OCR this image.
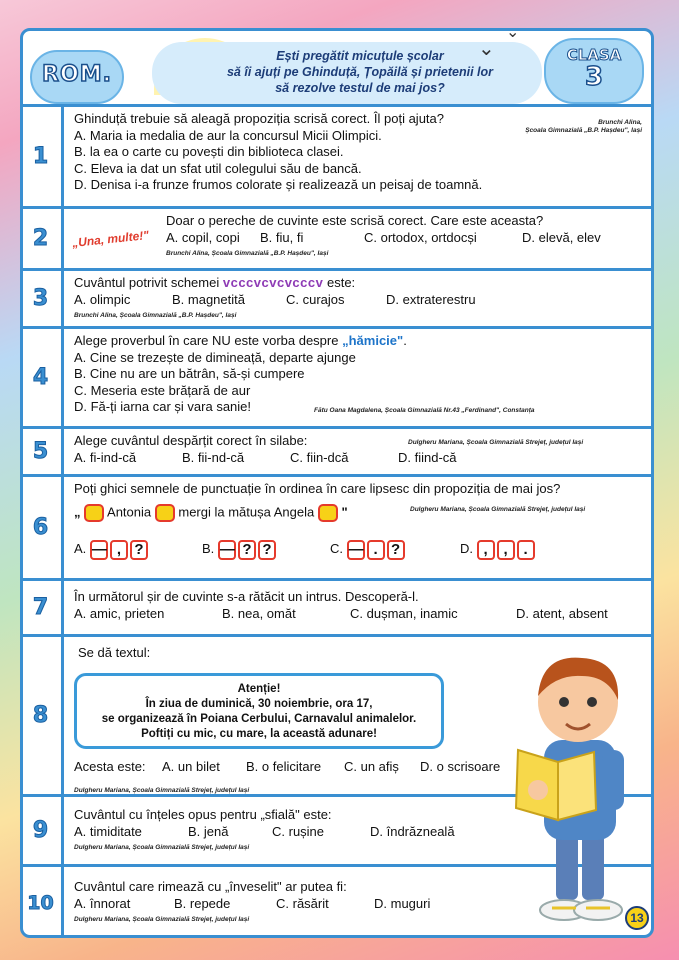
ROM.
Ești pregătit micuțule școlar
să îi ajuți pe Ghinduță, Țopăilă și prietenii lor
să rezolve testul de mai jos?
⌄
⌄
CLASA
3
1
Brunchi Alina,
Școala Gimnazială „B.P. Hașdeu", Iași
Ghinduță trebuie să aleagă propoziția scrisă corect. Îl poți ajuta?
A. Maria ia medalia de aur la concursul Micii Olimpici.
B. la ea o carte cu povești din biblioteca clasei.
C. Eleva ia dat un sfat util colegului său de bancă.
D. Denisa i-a frunze frumos colorate și realizează un peisaj de toamnă.
2	„Una, multe!"
Doar o pereche de cuvinte este scrisă corect. Care este aceasta?
A. copil, copi	B. fiu, fi	C. ortodox, ortdocși	D. elevă, elev
Brunchi Alina, Școala Gimnazială „B.P. Hașdeu", Iași
3
Cuvântul potrivit schemei vcccvcvcvcccv este:
A. olimpic	B. magnetită	C. curajos	D. extraterestru
Brunchi Alina, Școala Gimnazială „B.P. Hașdeu", Iași
4
Alege proverbul în care NU este vorba despre „hămicie".
A. Cine se trezește de dimineață, departe ajunge
B. Cine nu are un bătrân, să-și cumpere
C. Meseria este brățară de aur
D. Fă-ți iarna car și vara sanie!	Fătu Oana Magdalena, Școala Gimnazială Nr.43 „Ferdinand", Constanța
5	Alege cuvântul despărțit corect în silabe:	Dulgheru Mariana, Școala Gimnazială Strejeț, județul Iași
A. fi-ind-că	B. fii-nd-că	C. fiin-dcă	D. fiind-că
6
Poți ghici semnele de punctuație în ordinea în care lipsesc din propoziția de mai jos?
„ Antonia mergi la mătușa Angela "	Dulgheru Mariana, Școala Gimnazială Strejeț, județul Iași
A. — , ?	B. — ? ?	C. — . ?	D. , , .
7	În următorul șir de cuvinte s-a rătăcit un intrus. Descoperă-l.
A. amic, prieten	B. nea, omăt	C. dușman, inamic	D. atent, absent
8
Se dă textul:
Atenție!
În ziua de duminică, 30 noiembrie, ora 17,
se organizează în Poiana Cerbului, Carnavalul animalelor.
Poftiți cu mic, cu mare, la această adunare!
Acesta este:	A. un bilet	B. o felicitare	C. un afiș	D. o scrisoare
Dulgheru Mariana, Școala Gimnazială Strejeț, județul Iași
9
Cuvântul cu înțeles opus pentru „sfială" este:
A. timiditate	B. jenă	C. rușine	D. îndrăzneală
Dulgheru Mariana, Școala Gimnazială Strejeț, județul Iași
10
Cuvântul care rimează cu „înveselit" ar putea fi:
A. înnorat	B. repede	C. răsărit	D. muguri
Dulgheru Mariana, Școala Gimnazială Strejeț, județul Iași	13
